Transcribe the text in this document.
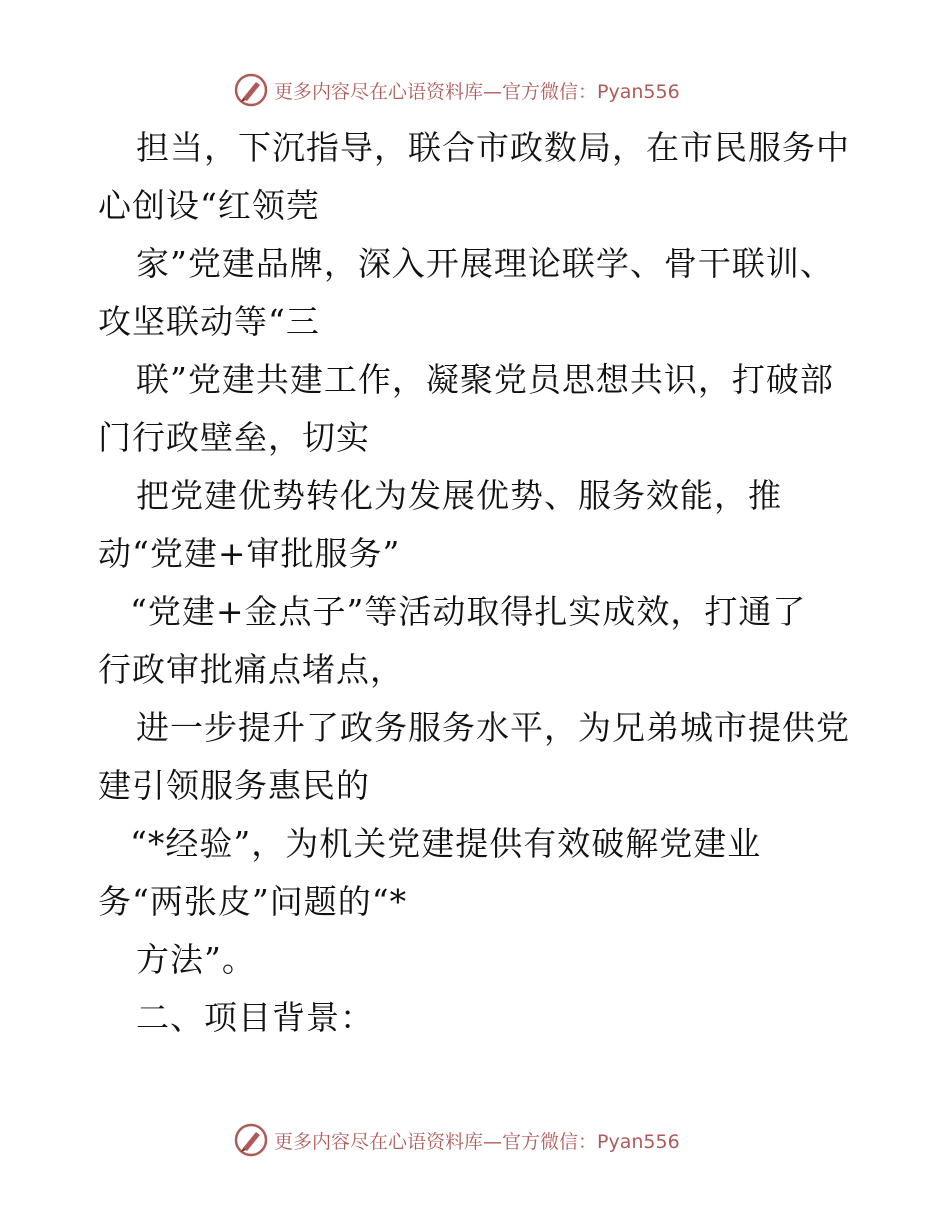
更多内容尽在心语资料库—官方微信：Pyan556
担当，下沉指导，联合市政数局，在市民服务中
心创设“红领莞
家”党建品牌，深入开展理论联学、骨干联训、
攻坚联动等“三
联”党建共建工作，凝聚党员思想共识，打破部
门行政壁垒，切实
把党建优势转化为发展优势、服务效能，推
动“党建+审批服务”
“党建+金点子”等活动取得扎实成效，打通了
行政审批痛点堵点，
进一步提升了政务服务水平，为兄弟城市提供党
建引领服务惠民的
“*经验”，为机关党建提供有效破解党建业
务“两张皮”问题的“*
方法”。
二、项目背景：
更多内容尽在心语资料库—官方微信：Pyan556
